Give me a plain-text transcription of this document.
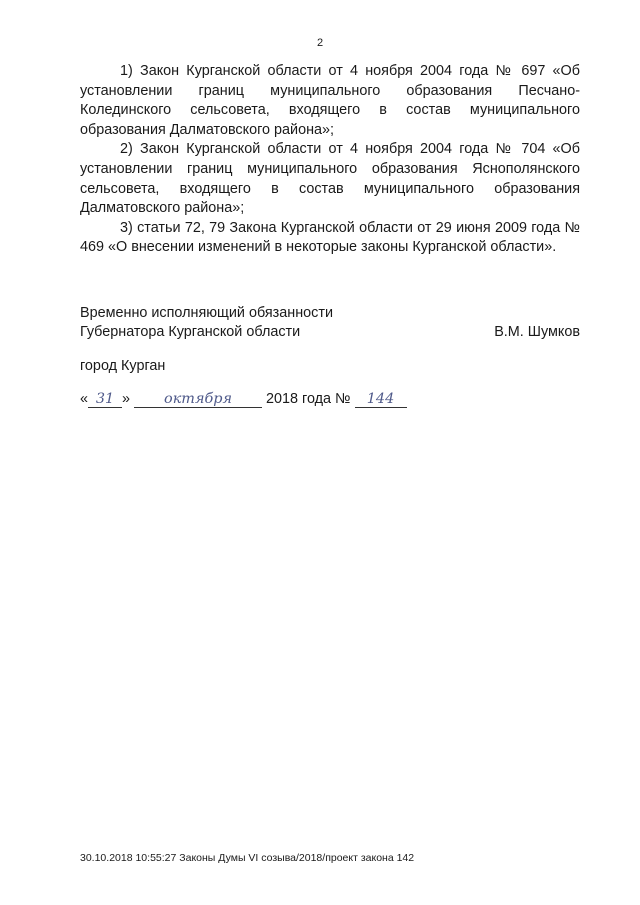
2

1) Закон Курганской области от 4 ноября 2004 года № 697 «Об установлении границ муниципального образования Песчано-Колединского сельсовета, входящего в состав муниципального образования Далматовского района»;

2) Закон Курганской области от 4 ноября 2004 года № 704 «Об установлении границ муниципального образования Яснополянского сельсовета, входящего в состав муниципального образования Далматовского района»;

3) статьи 72, 79 Закона Курганской области от 29 июня 2009 года № 469 «О внесении изменений в некоторые законы Курганской области».

Временно исполняющий обязанности
Губернатора Курганской области	В.М. Шумков
город Курган
« 31 » октября 2018 года № 144
30.10.2018 10:55:27 Законы Думы VI созыва/2018/проект закона 142
